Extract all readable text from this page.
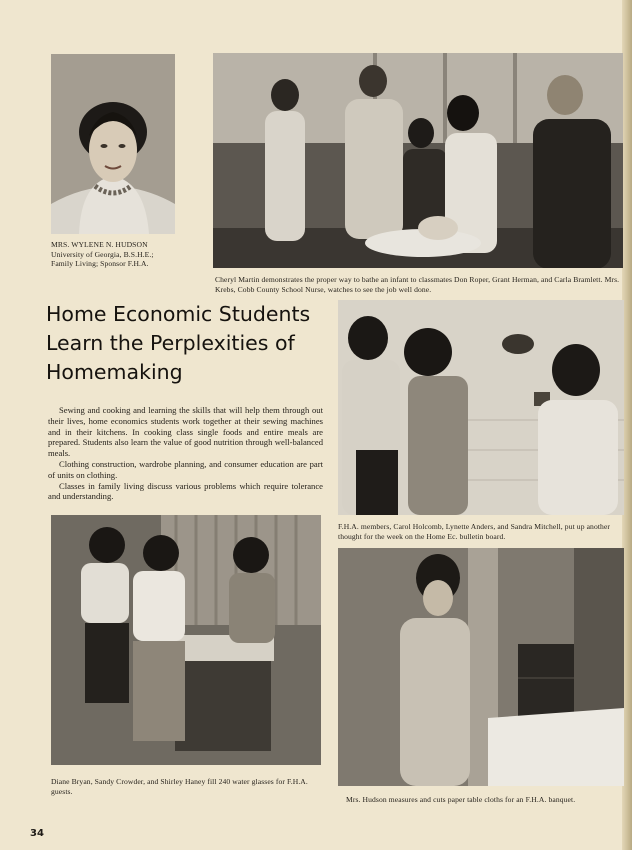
MRS. WYLENE N. HUDSON
University of Georgia, B.S.H.E.;
Family Living; Sponsor F.H.A.
Cheryl Martin demonstrates the proper way to bathe an infant to classmates Don Roper, Grant Herman, and Carla Bramlett. Mrs. Krebs, Cobb County School Nurse, watches to see the job well done.
Home Economic Students
Learn the Perplexities of
Homemaking

Sewing and cooking and learning the skills that will help them through out their lives, home economics students work together at their sewing machines and in their kitchens. In cooking class single foods and entire meals are prepared. Students also learn the value of good nutrition through well-balanced meals.

Clothing construction, wardrobe planning, and consumer education are part of units on clothing.

Classes in family living discuss various problems which require tolerance and understanding.

F.H.A. members, Carol Holcomb, Lynette Anders, and Sandra Mitchell, put up another thought for the week on the Home Ec. bulletin board.
Diane Bryan, Sandy Crowder, and Shirley Haney fill 240 water glasses for F.H.A. guests.
Mrs. Hudson measures and cuts paper table cloths for an F.H.A. banquet.
34
